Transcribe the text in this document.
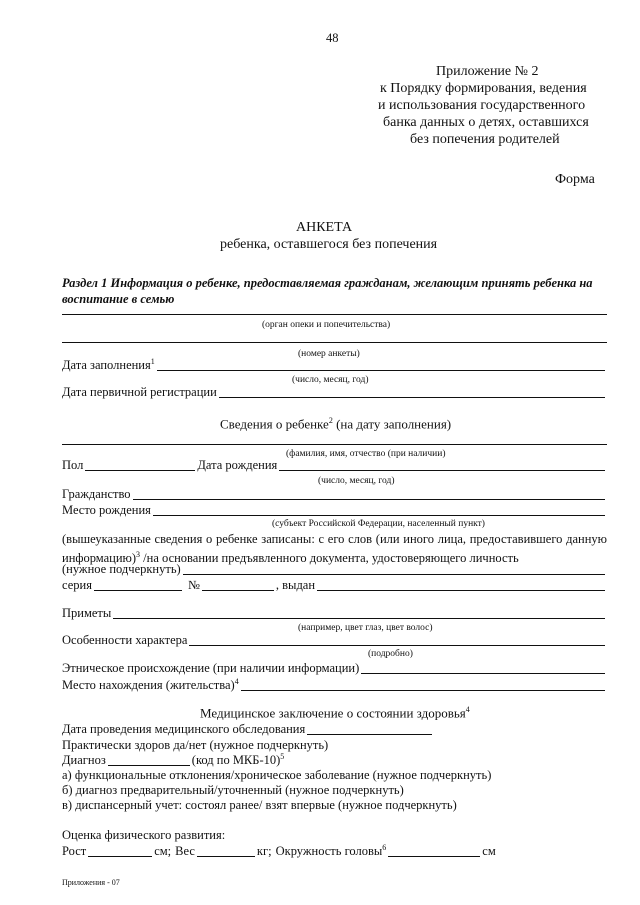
48
Приложение № 2
к Порядку формирования, ведения
и использования государственного
банка данных о детях, оставшихся
без попечения родителей
Форма
АНКЕТА
ребенка, оставшегося без попечения
Раздел 1 Информация о ребенке, предоставляемая гражданам, желающим принять ребенка на воспитание в семью
(орган опеки и попечительства)
(номер анкеты)
Дата заполнения$^1$
(число, месяц, год)
Дата первичной регистрации
Сведения о ребенке$^2$ (на дату заполнения)
(фамилия, имя, отчество (при наличии)
Пол	Дата рождения
(число, месяц, год)
Гражданство
Место рождения
(субъект Российской Федерации, населенный пункт)
(вышеуказанные сведения о ребенке записаны: с его слов (или иного лица, предоставившего данную информацию)$^3$ /на основании предъявленного документа, удостоверяющего личность
(нужное подчеркнуть)
серия	№	, выдан
Приметы
(например, цвет глаз, цвет волос)
Особенности характера
(подробно)
Этническое происхождение (при наличии информации)
Место нахождения (жительства)$^4$
Медицинское заключение о состоянии здоровья$^4$
Дата проведения медицинского обследования
Практически здоров да/нет (нужное подчеркнуть)
Диагноз	(код по МКБ-10)$^5$
а) функциональные отклонения/хроническое заболевание (нужное подчеркнуть)
б) диагноз предварительный/уточненный (нужное подчеркнуть)
в) диспансерный учет: состоял ранее/ взят впервые (нужное подчеркнуть)
Оценка физического развития:
Рост	см; Вес	кг; Окружность головы$^6$	см
Приложения - 07
